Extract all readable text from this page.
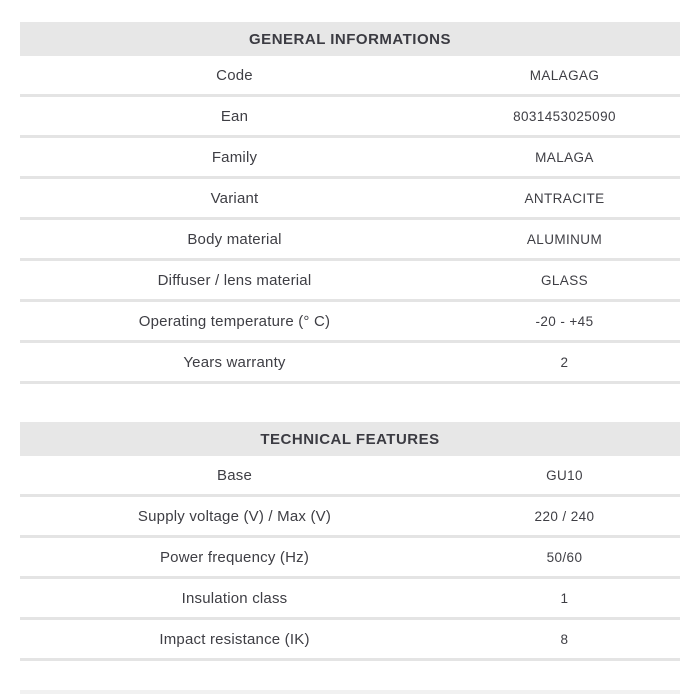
GENERAL INFORMATIONS
Code	MALAGAG
Ean	8031453025090
Family	MALAGA
Variant	ANTRACITE
Body material	ALUMINUM
Diffuser / lens material	GLASS
Operating temperature (° C)	-20 - +45
Years warranty	2
TECHNICAL FEATURES
Base	GU10
Supply voltage (V) / Max (V)	220 / 240
Power frequency (Hz)	50/60
Insulation class	1
Impact resistance (IK)	8
